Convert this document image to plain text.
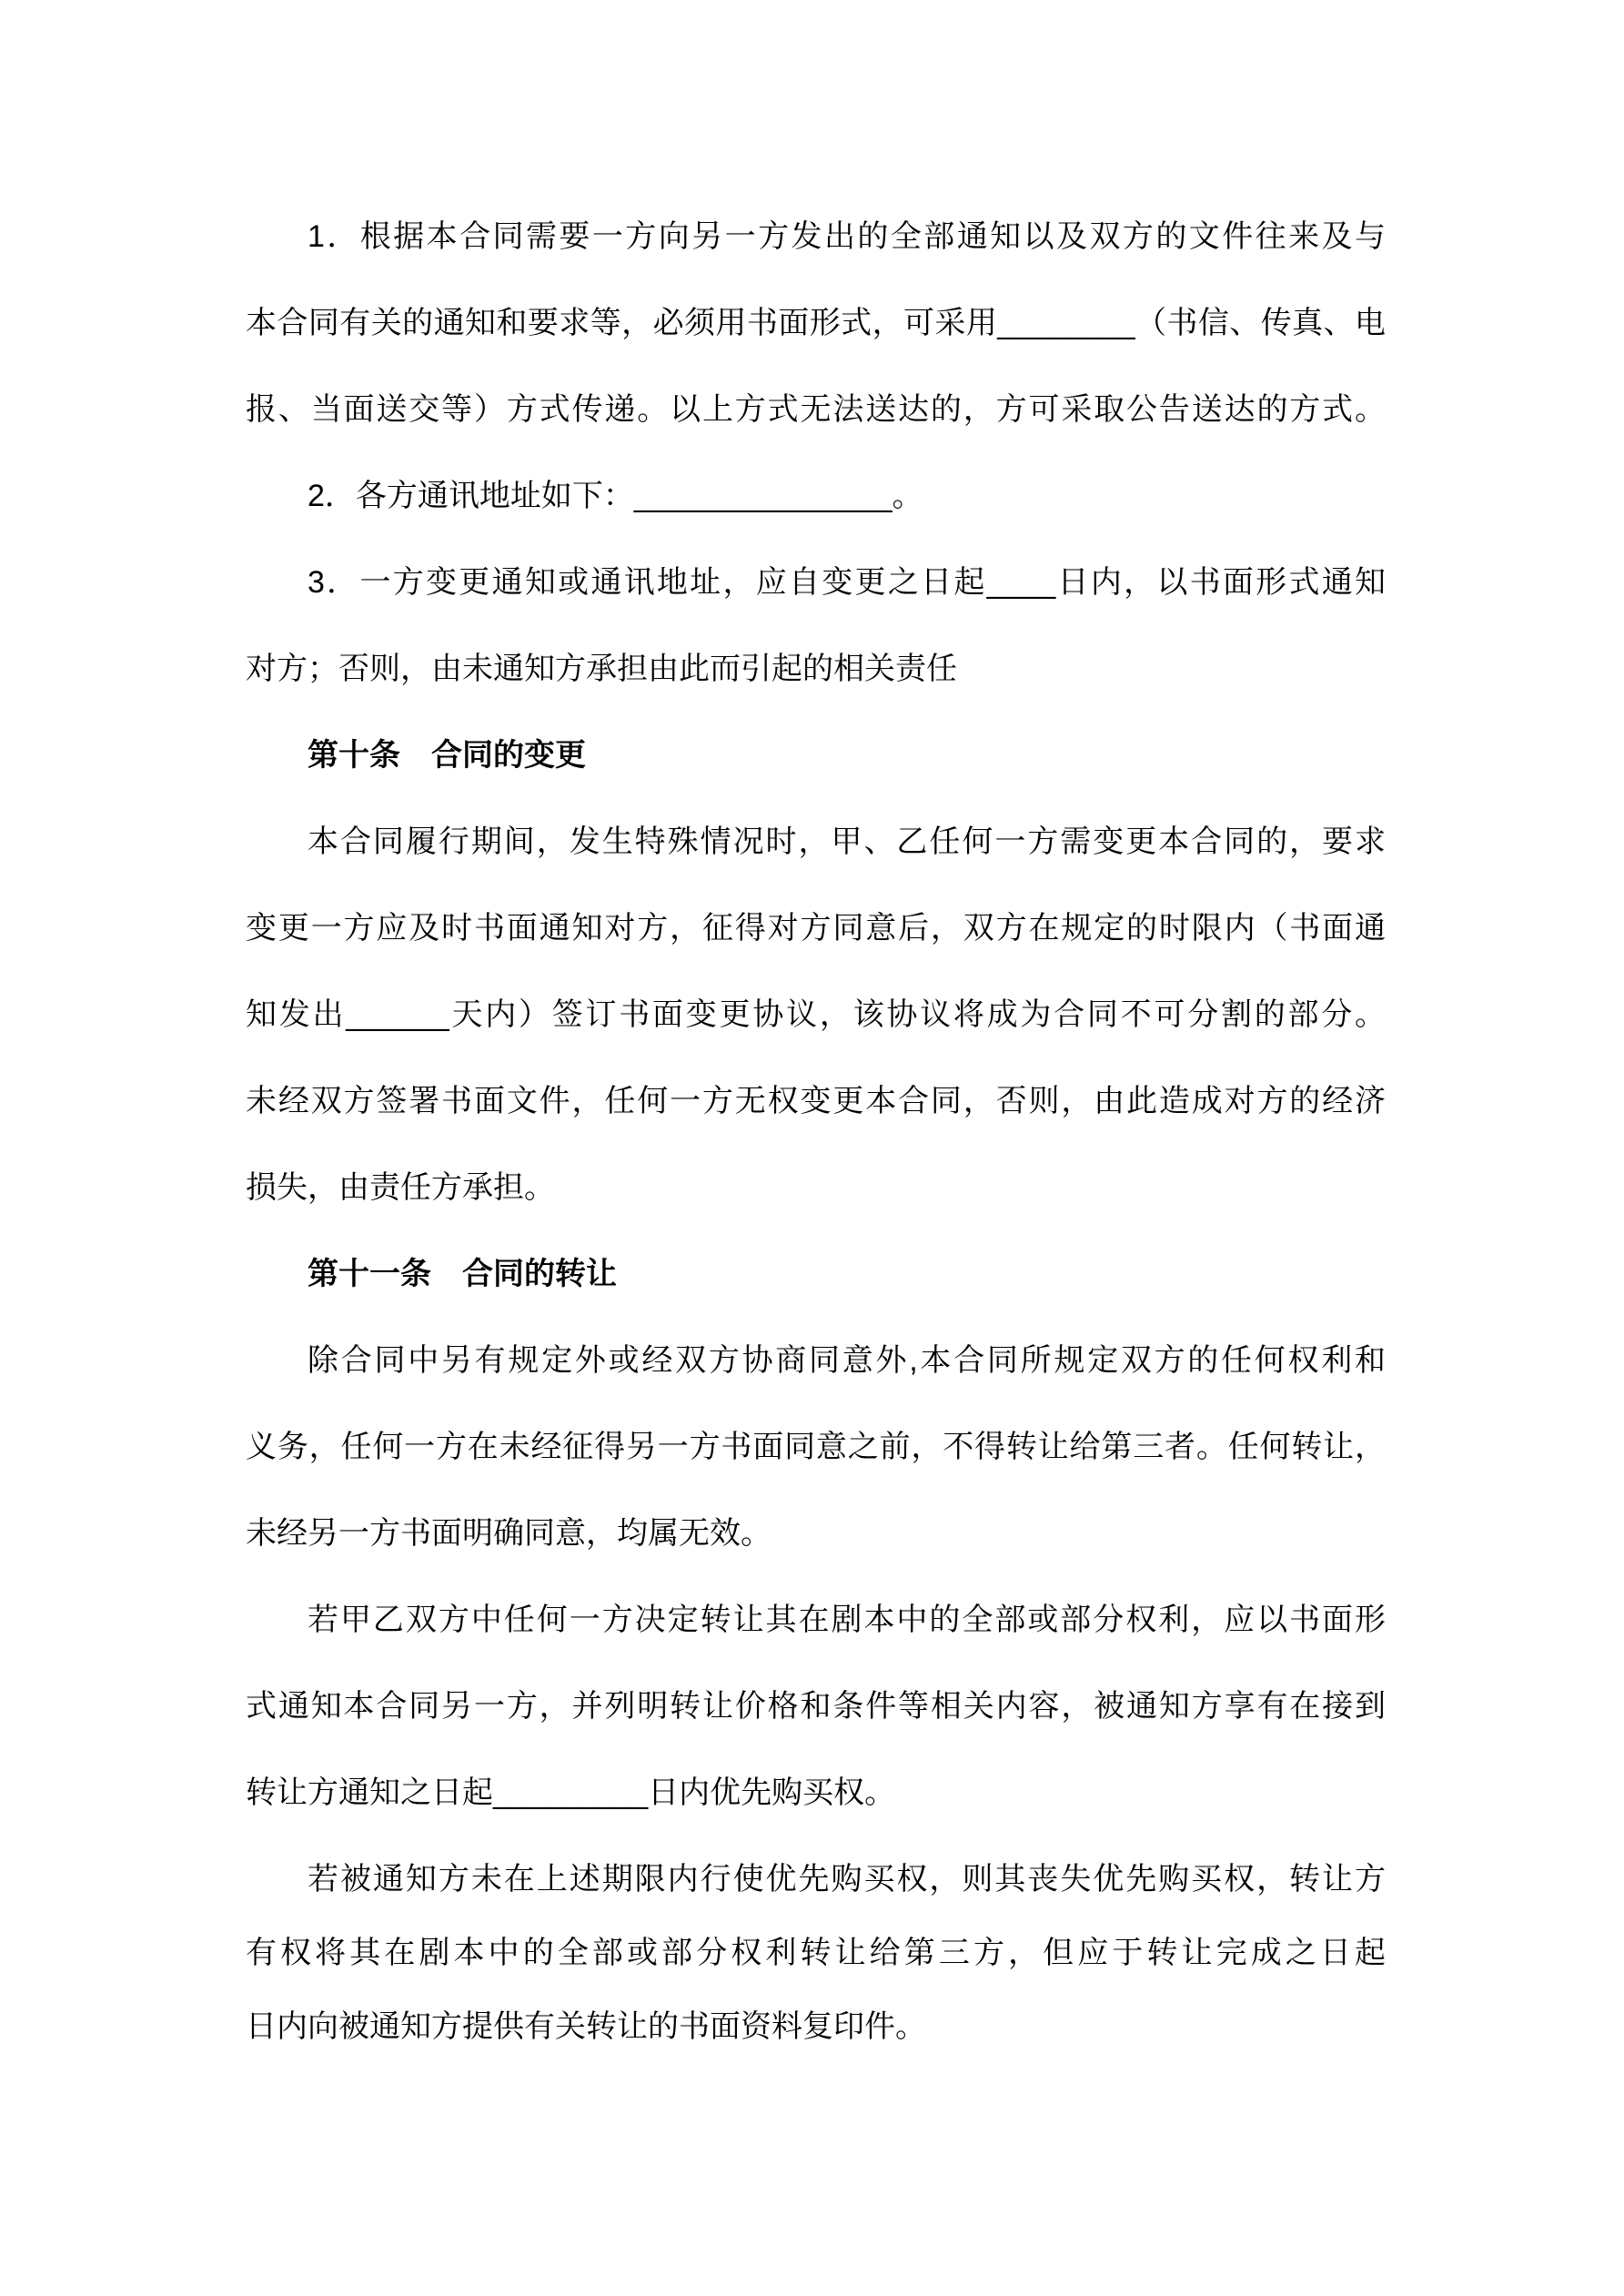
1．根据本合同需要一方向另一方发出的全部通知以及双方的文件往来及与
本合同有关的通知和要求等，必须用书面形式，可采用________（书信、传真、电
报、当面送交等）方式传递。以上方式无法送达的，方可采取公告送达的方式。
2．各方通讯地址如下：_______________。
3．一方变更通知或通讯地址，应自变更之日起____日内，以书面形式通知
对方；否则，由未通知方承担由此而引起的相关责任
第十条　合同的变更
本合同履行期间，发生特殊情况时，甲、乙任何一方需变更本合同的，要求
变更一方应及时书面通知对方，征得对方同意后，双方在规定的时限内（书面通
知发出______天内）签订书面变更协议，该协议将成为合同不可分割的部分。
未经双方签署书面文件，任何一方无权变更本合同，否则，由此造成对方的经济
损失，由责任方承担。
第十一条　合同的转让
除合同中另有规定外或经双方协商同意外,本合同所规定双方的任何权利和
义务，任何一方在未经征得另一方书面同意之前，不得转让给第三者。任何转让，
未经另一方书面明确同意，均属无效。
若甲乙双方中任何一方决定转让其在剧本中的全部或部分权利，应以书面形
式通知本合同另一方，并列明转让价格和条件等相关内容，被通知方享有在接到
转让方通知之日起_________日内优先购买权。
若被通知方未在上述期限内行使优先购买权，则其丧失优先购买权，转让方
有权将其在剧本中的全部或部分权利转让给第三方，但应于转让完成之日起
日内向被通知方提供有关转让的书面资料复印件。
